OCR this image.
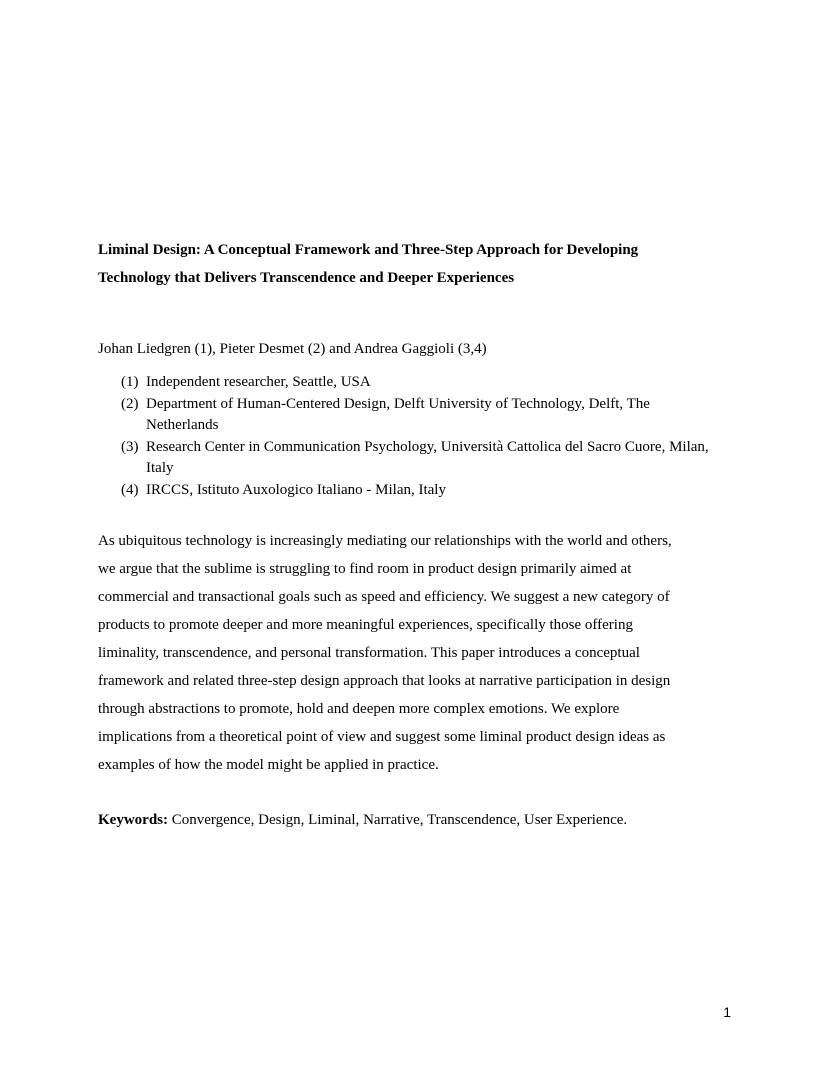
Liminal Design: A Conceptual Framework and Three-Step Approach for Developing
Technology that Delivers Transcendence and Deeper Experiences
Johan Liedgren (1), Pieter Desmet (2) and Andrea Gaggioli (3,4)
(1) Independent researcher, Seattle, USA
(2) Department of Human-Centered Design, Delft University of Technology, Delft, The Netherlands
(3) Research Center in Communication Psychology, Università Cattolica del Sacro Cuore, Milan, Italy
(4) IRCCS, Istituto Auxologico Italiano - Milan, Italy
As ubiquitous technology is increasingly mediating our relationships with the world and others,
we argue that the sublime is struggling to find room in product design primarily aimed at
commercial and transactional goals such as speed and efficiency. We suggest a new category of
products to promote deeper and more meaningful experiences, specifically those offering
liminality, transcendence, and personal transformation. This paper introduces a conceptual
framework and related three-step design approach that looks at narrative participation in design
through abstractions to promote, hold and deepen more complex emotions. We explore
implications from a theoretical point of view and suggest some liminal product design ideas as
examples of how the model might be applied in practice.
Keywords: Convergence, Design, Liminal, Narrative, Transcendence, User Experience.
1
